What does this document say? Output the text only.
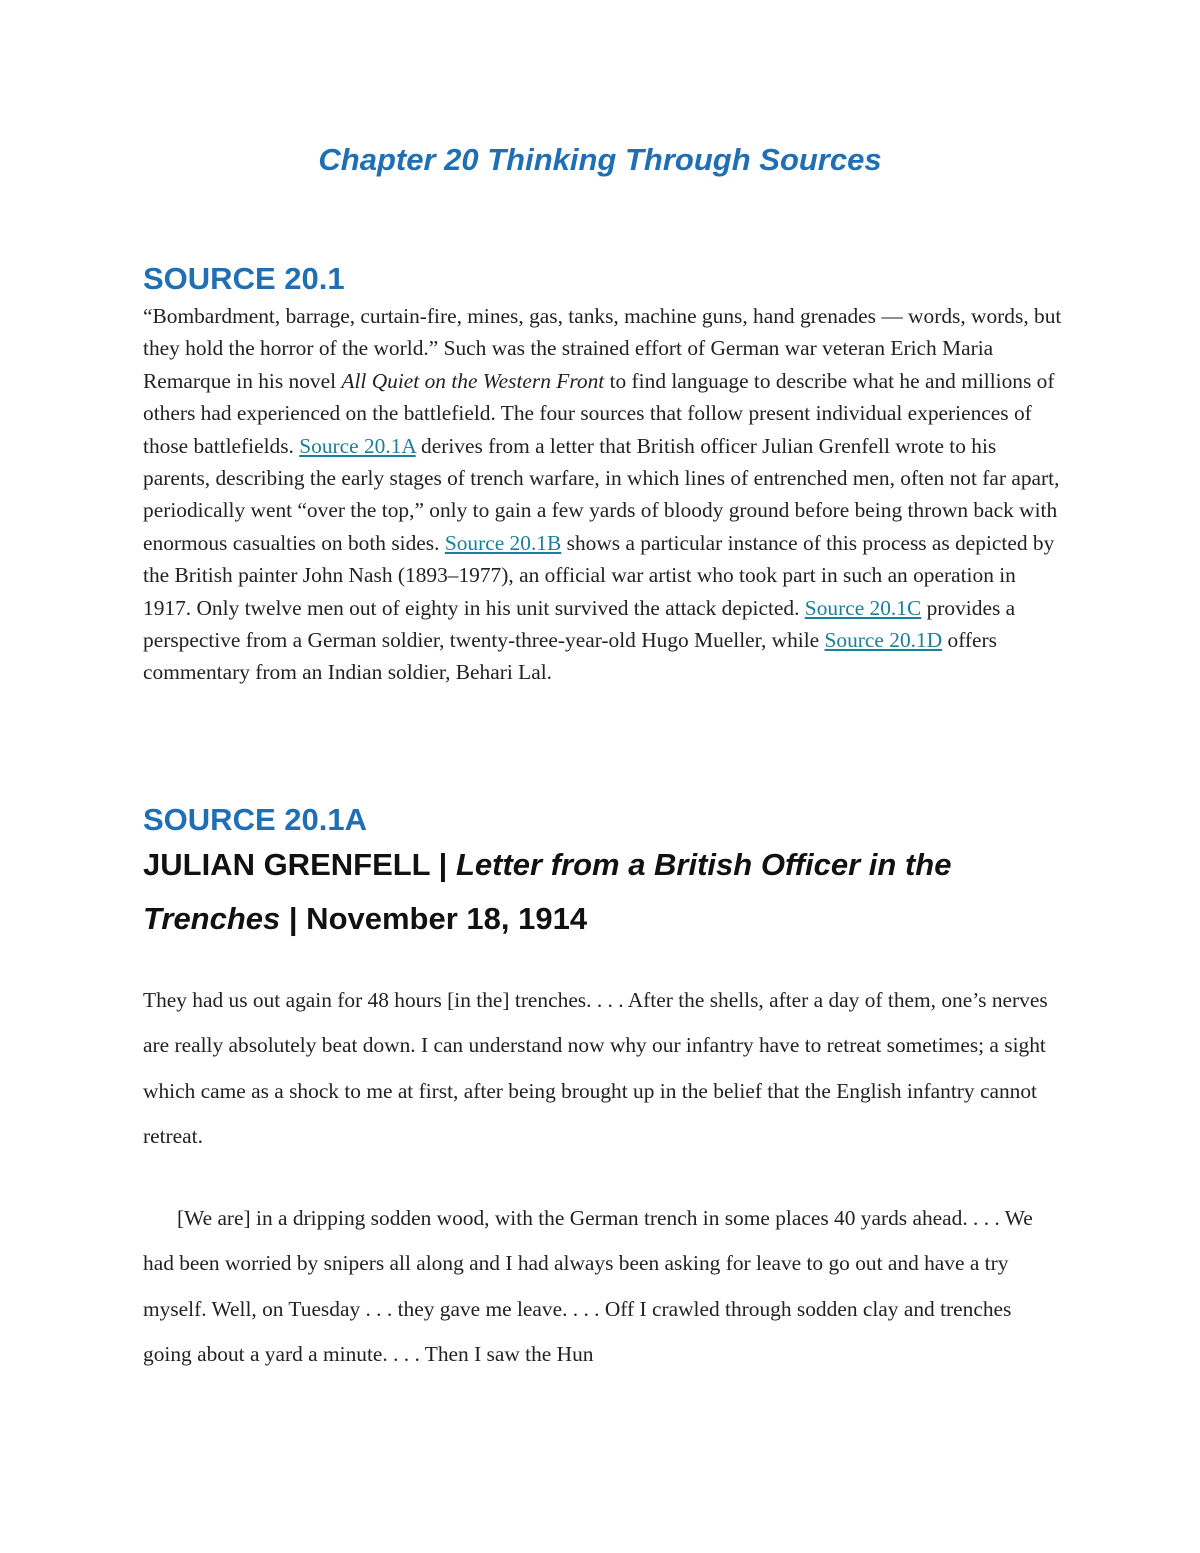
Chapter 20 Thinking Through Sources
SOURCE 20.1

“Bombardment, barrage, curtain-fire, mines, gas, tanks, machine guns, hand grenades — words, words, but they hold the horror of the world.” Such was the strained effort of German war veteran Erich Maria Remarque in his novel All Quiet on the Western Front to find language to describe what he and millions of others had experienced on the battlefield. The four sources that follow present individual experiences of those battlefields. Source 20.1A derives from a letter that British officer Julian Grenfell wrote to his parents, describing the early stages of trench warfare, in which lines of entrenched men, often not far apart, periodically went “over the top,” only to gain a few yards of bloody ground before being thrown back with enormous casualties on both sides. Source 20.1B shows a particular instance of this process as depicted by the British painter John Nash (1893–1977), an official war artist who took part in such an operation in 1917. Only twelve men out of eighty in his unit survived the attack depicted. Source 20.1C provides a perspective from a German soldier, twenty-three-year-old Hugo Mueller, while Source 20.1D offers commentary from an Indian soldier, Behari Lal.

SOURCE 20.1A
JULIAN GRENFELL | Letter from a British Officer in the Trenches | November 18, 1914

They had us out again for 48 hours [in the] trenches. . . . After the shells, after a day of them, one’s nerves are really absolutely beat down. I can understand now why our infantry have to retreat sometimes; a sight which came as a shock to me at first, after being brought up in the belief that the English infantry cannot retreat.

[We are] in a dripping sodden wood, with the German trench in some places 40 yards ahead. . . . We had been worried by snipers all along and I had always been asking for leave to go out and have a try myself. Well, on Tuesday . . . they gave me leave. . . . Off I crawled through sodden clay and trenches going about a yard a minute. . . . Then I saw the Hun
